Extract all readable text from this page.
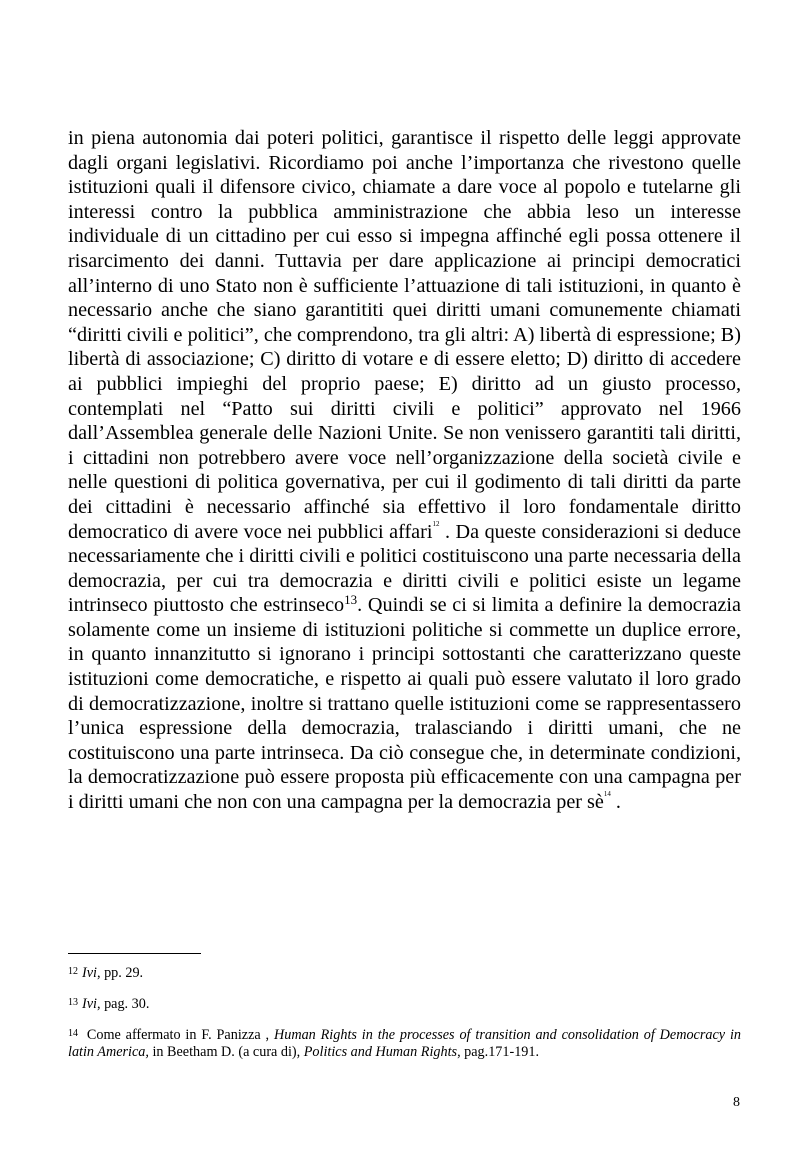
in piena autonomia dai poteri politici, garantisce il rispetto delle leggi approvate dagli organi legislativi. Ricordiamo poi anche l’importanza che rivestono quelle istituzioni quali il difensore civico, chiamate a dare voce al popolo e tutelarne gli interessi contro la pubblica amministrazione che abbia leso un interesse individuale di un cittadino per cui esso si impegna affinché egli possa ottenere il risarcimento dei danni. Tuttavia per dare applicazione ai principi democratici all’interno di uno Stato non è sufficiente l’attuazione di tali istituzioni, in quanto è necessario anche che siano garantititi quei diritti umani comunemente chiamati “diritti civili e politici”, che comprendono, tra gli altri: A) libertà di espressione; B) libertà di associazione; C) diritto di votare e di essere eletto; D) diritto di accedere ai pubblici impieghi del proprio paese; E) diritto ad un giusto processo, contemplati nel “Patto sui diritti civili e politici” approvato nel 1966 dall’Assemblea generale delle Nazioni Unite. Se non venissero garantiti tali diritti, i cittadini non potrebbero avere voce nell’organizzazione della società civile e nelle questioni di politica governativa, per cui il godimento di tali diritti da parte dei cittadini è necessario affinché sia effettivo il loro fondamentale diritto democratico di avere voce nei pubblici affari$^{12}$ . Da queste considerazioni si deduce necessariamente che i diritti civili e politici costituiscono una parte necessaria della democrazia, per cui tra democrazia e diritti civili e politici esiste un legame intrinseco piuttosto che estrinseco$^{13}$. Quindi se ci si limita a definire la democrazia solamente come un insieme di istituzioni politiche si commette un duplice errore, in quanto innanzitutto si ignorano i principi sottostanti che caratterizzano queste istituzioni come democratiche, e rispetto ai quali può essere valutato il loro grado di democratizzazione, inoltre si trattano quelle istituzioni come se rappresentassero l’unica espressione della democrazia, tralasciando i diritti umani, che ne costituiscono una parte intrinseca. Da ciò consegue che, in determinate condizioni, la democratizzazione può essere proposta più efficacemente con una campagna per i diritti umani che non con una campagna per la democrazia per sè$^{14}$ .

$^{12}$ Ivi, pp. 29.

$^{13}$ Ivi, pag. 30.

$^{14}$ Come affermato in F. Panizza , Human Rights in the processes of transition and consolidation of Democracy in latin America, in Beetham D. (a cura di), Politics and Human Rights, pag.171-191.

8
